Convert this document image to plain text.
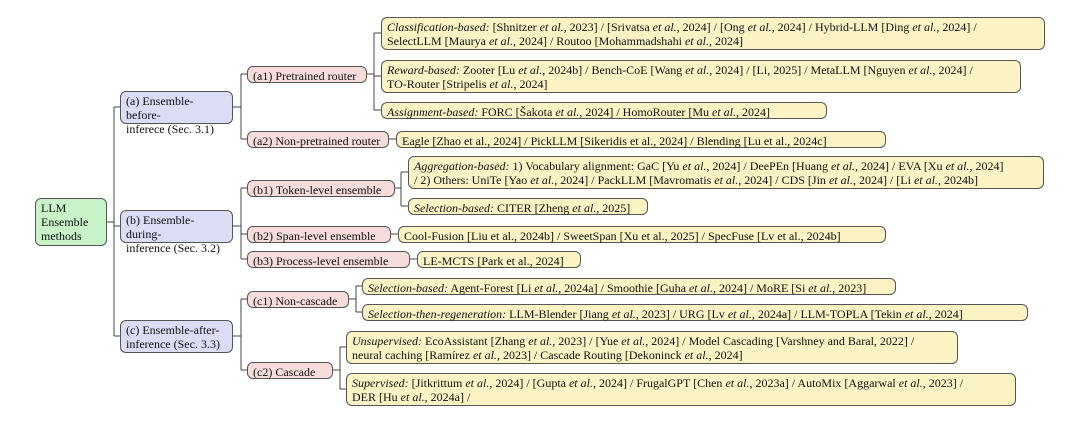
LLM
Ensemble
methods
(a) Ensemble-before-
inferece (Sec. 3.1)
(b) Ensemble-during-
inference (Sec. 3.2)
(c) Ensemble-after-
inference (Sec. 3.3)
(a1) Pretrained router
(a2) Non-pretrained router
(b1) Token-level ensemble
(b2) Span-level ensemble
(b3) Process-level ensemble
(c1) Non-cascade
(c2) Cascade
Classification-based: [Shnitzer et al., 2023] / [Srivatsa et al., 2024] / [Ong et al., 2024] / Hybrid-LLM [Ding et al., 2024] /
SelectLLM [Maurya et al., 2024] / Routoo [Mohammadshahi et al., 2024]
Reward-based: Zooter [Lu et al., 2024b] / Bench-CoE [Wang et al., 2024] / [Li, 2025] / MetaLLM [Nguyen et al., 2024] /
TO-Router [Stripelis et al., 2024]
Assignment-based: FORC [Šakota et al., 2024] / HomoRouter [Mu et al., 2024]
Eagle [Zhao et al., 2024] / PickLLM [Sikeridis et al., 2024] / Blending [Lu et al., 2024c]
Aggregation-based: 1) Vocabulary alignment: GaC [Yu et al., 2024] / DeePEn [Huang et al., 2024] / EVA [Xu et al., 2024]
/ 2) Others: UniTe [Yao et al., 2024] / PackLLM [Mavromatis et al., 2024] / CDS [Jin et al., 2024] / [Li et al., 2024b]
Selection-based: CITER [Zheng et al., 2025]
Cool-Fusion [Liu et al., 2024b] / SweetSpan [Xu et al., 2025] / SpecFuse [Lv et al., 2024b]
LE-MCTS [Park et al., 2024]
Selection-based: Agent-Forest [Li et al., 2024a] / Smoothie [Guha et al., 2024] / MoRE [Si et al., 2023]
Selection-then-regeneration: LLM-Blender [Jiang et al., 2023] / URG [Lv et al., 2024a] / LLM-TOPLA [Tekin et al., 2024]
Unsupervised: EcoAssistant [Zhang et al., 2023] / [Yue et al., 2024] / Model Cascading [Varshney and Baral, 2022] /
neural caching [Ramírez et al., 2023] / Cascade Routing [Dekoninck et al., 2024]
Supervised: [Jitkrittum et al., 2024] / [Gupta et al., 2024] / FrugalGPT [Chen et al., 2023a] / AutoMix [Aggarwal et al., 2023] /
DER [Hu et al., 2024a] /
